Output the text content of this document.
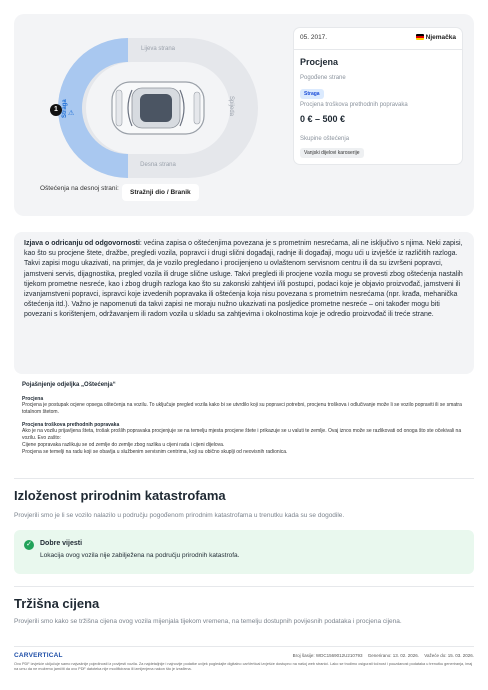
Lijeva strana
Desna strana
Spijeda
Straga ⚠
1
05. 2017.	Njemačka
Procjena
Pogođene strane
Straga
Procjena troškova prethodnih popravaka
0 € – 500 €
Skupine oštećenja
Vanjski dijelovi karoserije
Oštećenja na desnoj strani:
Stražnji dio / Branik
Izjava o odricanju od odgovornosti: većina zapisa o oštećenjima povezana je s prometnim nesrećama, ali ne isključivo s njima. Neki zapisi, kao što su procjene štete, dražbe, pregledi vozila, popravci i drugi slični događaji, radnje ili događaji, mogu ući u izvješće iz različitih razloga. Takvi zapisi mogu ukazivati, na primjer, da je vozilo pregledano i procijenjeno u ovlaštenom servisnom centru ili da su izvršeni popravci, jamstveni servis, dijagnostika, pregled vozila ili druge slične usluge. Takvi pregledi ili procjene vozila mogu se provesti zbog oštećenja nastalih tijekom prometne nesreće, kao i zbog drugih razloga kao što su zakonski zahtjevi i/ili postupci, podaci koje je objavio proizvođač, jamstveni ili izvanjamstveni popravci, ispravci koje izvedenih popravaka ili oštećenja koja nisu povezana s prometnim nesrećama (npr. krađa, mehanička oštećenja itd.). Važno je napomenuti da takvi zapisi ne moraju nužno ukazivati na posljedice prometne nesreće – oni također mogu biti povezani s korištenjem, održavanjem ili radom vozila u skladu sa zahtjevima i okolnostima koje je odredio proizvođač ili treće strane.
Pojašnjenje odjeljka „Oštećenja“
Procjena
Procjena je postupak ocjene opsega oštećenja na vozilu. To uključuje pregled vozila kako bi se utvrdilo koji su popravci potrebni, procjenu troškova i odlučivanje može li se vozilo popraviti ili se smatra totalnom štetom.
Procjena troškova prethodnih popravaka
Ako je na vozilu prijavljena šteta, trošak prošlih popravaka procjenjuje se na temelju mjesta procjene štete i prikazuje se u valuti te zemlje. Ovaj iznos može se razlikovati od onoga što ste očekivali na vozilu. Evo zašto:
Cijene popravaka razlikuju se od zemlje do zemlje zbog razlika u cijeni rada i cijeni dijelova.
Procjena se temelji na radu koji se obavlja u službenim servisnim centrima, koji su obično skuplji od neovisnih radionica.
Izloženost prirodnim katastrofama
Provjerili smo je li se vozilo nalazilo u području pogođenom prirodnim katastrofama u trenutku kada su se dogodile.
✓ Dobre vijesti
Lokacija ovog vozila nije zabilježena na području prirodnih katastrofa.
Tržišna cijena
Provjerili smo kako se tržišna cijena ovog vozila mijenjala tijekom vremena, na temelju dostupnih povijesnih podataka i procjena cijena.
CARVERTICAL	Broj šasije: WDC1569012U210793 Generirano: 13. 02. 2026. Važeće do: 15. 03. 2026.
Ovo PDF izvješće uključuje samo najvažnije pojedinosti iz povijesti vozila. Za najdetaljnije i najnovije podatke uvijek pogledajte digitalno carVertical izvješće dostupno na našoj web stranici. Lako se trudimo osigurati točnost i pouzdanost podataka u trenutku generiranja, imaj na umu da ne možemo jamčiti da ovo PDF datoteka nije modificirana ili izmijenjena nakon što je izrađena.
